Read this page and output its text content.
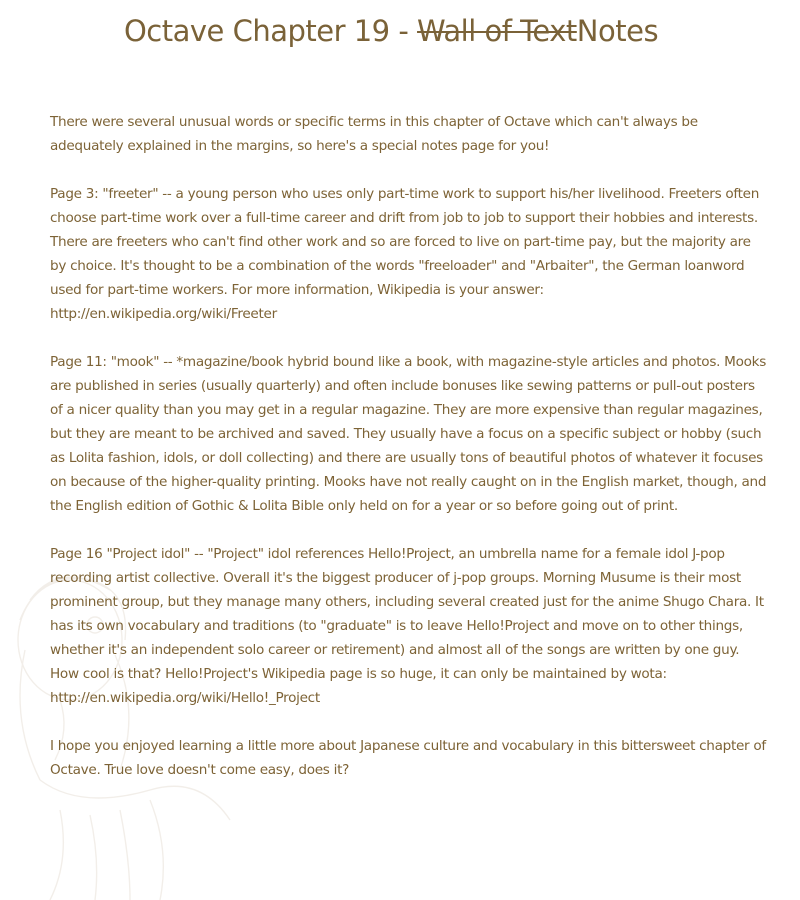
Octave Chapter 19 - Wall of TextNotes

There were several unusual words or specific terms in this chapter of Octave which can't always be adequately explained in the margins, so here's a special notes page for you!

Page 3: "freeter" -- a young person who uses only part-time work to support his/her livelihood. Freeters often choose part-time work over a full-time career and drift from job to job to support their hobbies and interests. There are freeters who can't find other work and so are forced to live on part-time pay, but the majority are by choice. It's thought to be a combination of the words "freeloader" and "Arbaiter", the German loanword used for part-time workers. For more information, Wikipedia is your answer: http://en.wikipedia.org/wiki/Freeter

Page 11: "mook" -- *magazine/book hybrid bound like a book, with magazine-style articles and photos. Mooks are published in series (usually quarterly) and often include bonuses like sewing patterns or pull-out posters of a nicer quality than you may get in a regular magazine. They are more expensive than regular magazines, but they are meant to be archived and saved. They usually have a focus on a specific subject or hobby (such as Lolita fashion, idols, or doll collecting) and there are usually tons of beautiful photos of whatever it focuses on because of the higher-quality printing. Mooks have not really caught on in the English market, though, and the English edition of Gothic & Lolita Bible only held on for a year or so before going out of print.

Page 16 "Project idol" -- "Project" idol references Hello!Project, an umbrella name for a female idol J-pop recording artist collective. Overall it's the biggest producer of j-pop groups. Morning Musume is their most prominent group, but they manage many others, including several created just for the anime Shugo Chara. It has its own vocabulary and traditions (to "graduate" is to leave Hello!Project and move on to other things, whether it's an independent solo career or retirement) and almost all of the songs are written by one guy. How cool is that? Hello!Project's Wikipedia page is so huge, it can only be maintained by wota: http://en.wikipedia.org/wiki/Hello!_Project

I hope you enjoyed learning a little more about Japanese culture and vocabulary in this bittersweet chapter of Octave. True love doesn't come easy, does it?
